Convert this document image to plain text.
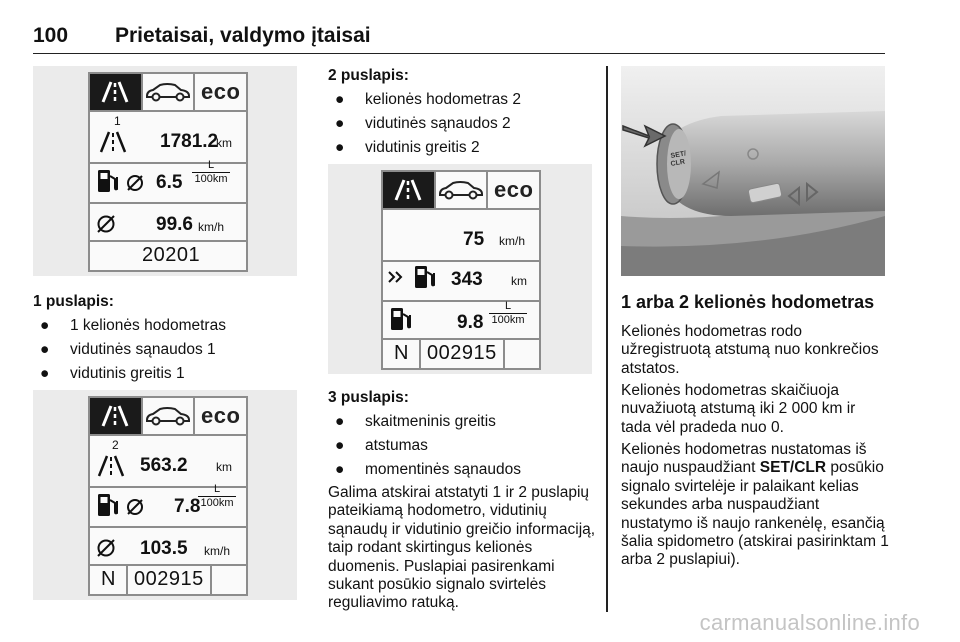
100 Prietaisai, valdymo įtaisai
eco
1
1781.2
km
$6.5 \frac{L}{100km}$
99.6 km/h
20201
1 puslapis:
● 1 kelionės hodometras
● vidutinės sąnaudos 1
● vidutinis greitis 1
eco
2
563.2 km
7.8
$\frac{L}{100km}$
103.5 km/h
N 002915
2 puslapis:
● kelionės hodometras 2
● vidutinės sąnaudos 2
● vidutinis greitis 2
eco
75 km/h
343 km
$9.8 \frac{L}{100km}$
N 002915
3 puslapis:
● skaitmeninis greitis
● atstumas
● momentinės sąnaudos
Galima atskirai atstatyti 1 ir 2 puslapių pateikiamą hodometro, vidutinių sąnaudų ir vidutinio greičio informaciją, taip rodant skirtingus kelionės duomenis. Puslapiai pasirenkami sukant posūkio signalo svirtelės reguliavimo ratuką.
SET/
CLR
1 arba 2 kelionės hodometras
Kelionės hodometras rodo užregistruotą atstumą nuo konkrečios atstatos.
Kelionės hodometras skaičiuoja nuvažiuotą atstumą iki 2 000 km ir tada vėl pradeda nuo 0.
Kelionės hodometras nustatomas iš naujo nuspaudžiant SET/CLR posūkio signalo svirtelėje ir palaikant kelias sekundes arba nuspaudžiant nustatymo iš naujo rankenėlę, esančią šalia spidometro (atskirai pasirinktam 1 arba 2 puslapiui).
carmanualsonline.info
